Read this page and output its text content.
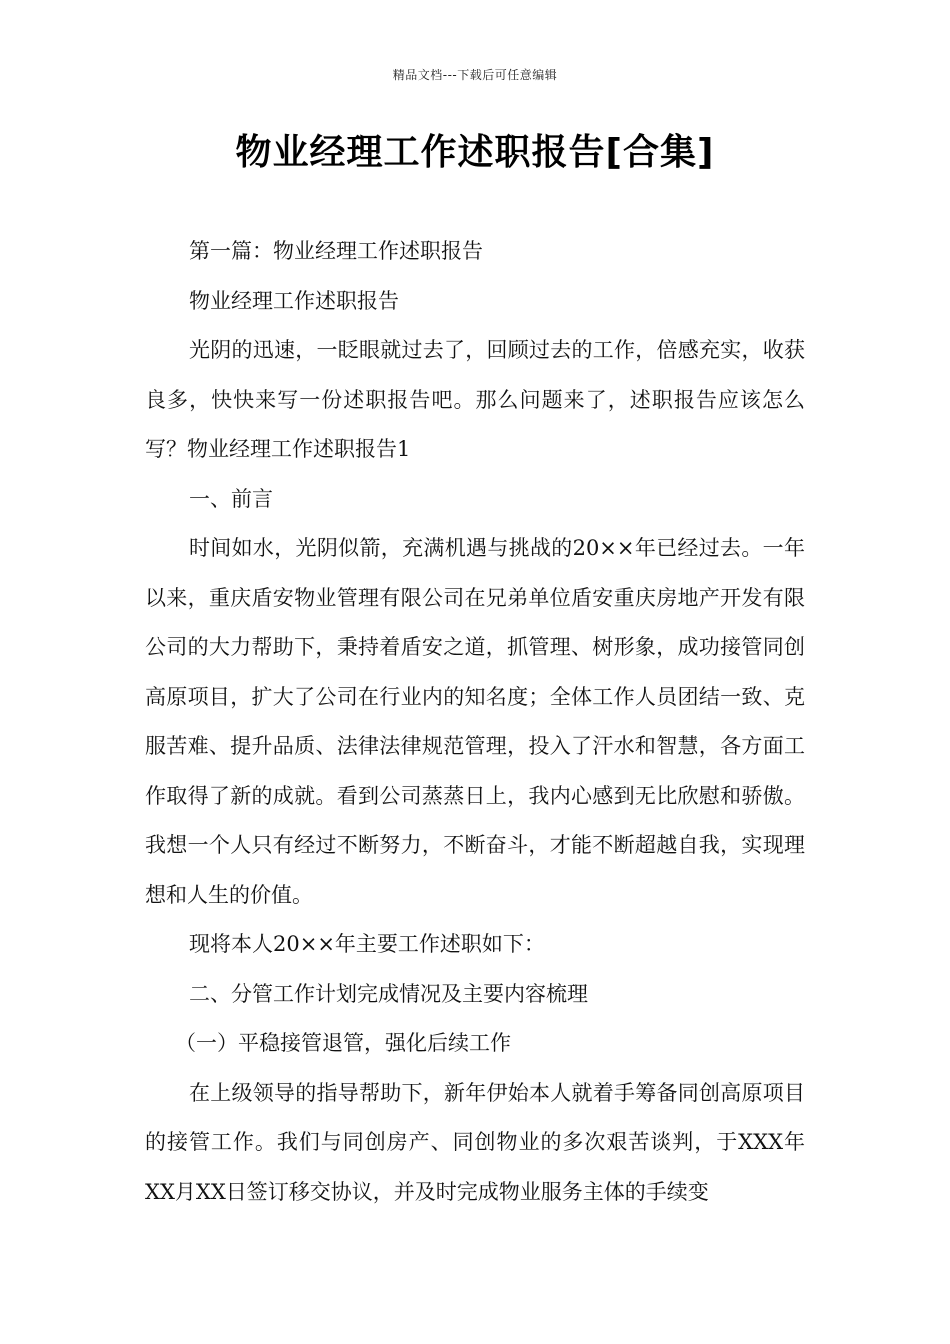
精品文档---下载后可任意编辑
物业经理工作述职报告[合集]

第一篇：物业经理工作述职报告

物业经理工作述职报告

光阴的迅速，一眨眼就过去了，回顾过去的工作，倍感充实，收获良多，快快来写一份述职报告吧。那么问题来了，述职报告应该怎么写？物业经理工作述职报告1

一、前言

时间如水，光阴似箭，充满机遇与挑战的20××年已经过去。一年以来，重庆盾安物业管理有限公司在兄弟单位盾安重庆房地产开发有限公司的大力帮助下，秉持着盾安之道，抓管理、树形象，成功接管同创高原项目，扩大了公司在行业内的知名度；全体工作人员团结一致、克服苦难、提升品质、法律法律规范管理，投入了汗水和智慧，各方面工作取得了新的成就。看到公司蒸蒸日上，我内心感到无比欣慰和骄傲。我想一个人只有经过不断努力，不断奋斗，才能不断超越自我，实现理想和人生的价值。

现将本人20××年主要工作述职如下：

二、分管工作计划完成情况及主要内容梳理

（一）平稳接管退管，强化后续工作

在上级领导的指导帮助下，新年伊始本人就着手筹备同创高原项目的接管工作。我们与同创房产、同创物业的多次艰苦谈判，于XXX年XX月XX日签订移交协议，并及时完成物业服务主体的手续变
